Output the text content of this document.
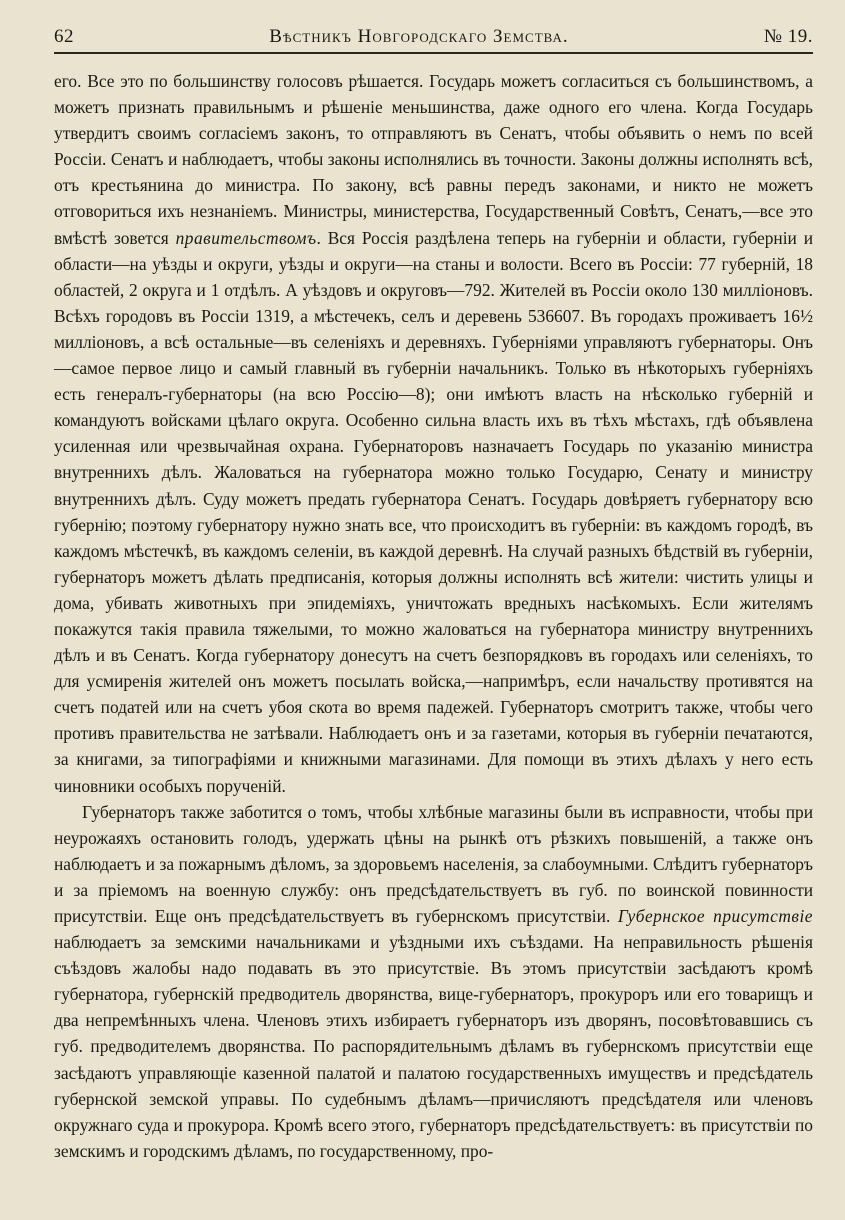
62	Вѣстникъ Новгородскаго Земства.	№ 19.

его. Все это по большинству голосовъ рѣшается. Государь можетъ согласиться съ большинствомъ, а можетъ признать правильнымъ и рѣшеніе меньшинства, даже одного его члена. Когда Государь утвердитъ своимъ согласіемъ законъ, то отправляютъ въ Сенатъ, чтобы объявить о немъ по всей Россіи. Сенатъ и наблюдаетъ, чтобы законы исполнялись въ точности. Законы должны исполнять всѣ, отъ крестьянина до министра. По закону, всѣ равны передъ законами, и никто не можетъ отговориться ихъ незнаніемъ. Министры, министерства, Государственный Совѣтъ, Сенатъ,—все это вмѣстѣ зовется правительствомъ. Вся Россія раздѣлена теперь на губерніи и области, губерніи и области—на уѣзды и округи, уѣзды и округи—на станы и волости. Всего въ Россіи: 77 губерній, 18 областей, 2 округа и 1 отдѣлъ. А уѣздовъ и округовъ—792. Жителей въ Россіи около 130 милліоновъ. Всѣхъ городовъ въ Россіи 1319, а мѣстечекъ, селъ и деревень 536607. Въ городахъ проживаетъ 16½ милліоновъ, а всѣ остальные—въ селеніяхъ и деревняхъ. Губерніями управляютъ губернаторы. Онъ—самое первое лицо и самый главный въ губерніи начальникъ. Только въ нѣкоторыхъ губерніяхъ есть генералъ-губернаторы (на всю Россію—8); они имѣютъ власть на нѣсколько губерній и командуютъ войсками цѣлаго округа. Особенно сильна власть ихъ въ тѣхъ мѣстахъ, гдѣ объявлена усиленная или чрезвычайная охрана. Губернаторовъ назначаетъ Государь по указанію министра внутреннихъ дѣлъ. Жаловаться на губернатора можно только Государю, Сенату и министру внутреннихъ дѣлъ. Суду можетъ предать губернатора Сенатъ. Государь довѣряетъ губернатору всю губернію; поэтому губернатору нужно знать все, что происходитъ въ губерніи: въ каждомъ городѣ, въ каждомъ мѣстечкѣ, въ каждомъ селеніи, въ каждой деревнѣ. На случай разныхъ бѣдствій въ губерніи, губернаторъ можетъ дѣлать предписанія, которыя должны исполнять всѣ жители: чистить улицы и дома, убивать животныхъ при эпидеміяхъ, уничтожать вредныхъ насѣкомыхъ. Если жителямъ покажутся такія правила тяжелыми, то можно жаловаться на губернатора министру внутреннихъ дѣлъ и въ Сенатъ. Когда губернатору донесутъ на счетъ безпорядковъ въ городахъ или селеніяхъ, то для усмиренія жителей онъ можетъ посылать войска,—напримѣръ, если начальству противятся на счетъ податей или на счетъ убоя скота во время падежей. Губернаторъ смотритъ также, чтобы чего противъ правительства не затѣвали. Наблюдаетъ онъ и за газетами, которыя въ губерніи печатаются, за книгами, за типографіями и книжными магазинами. Для помощи въ этихъ дѣлахъ у него есть чиновники особыхъ порученій.

Губернаторъ также заботится о томъ, чтобы хлѣбные магазины были въ исправности, чтобы при неурожаяхъ остановить голодъ, удержать цѣны на рынкѣ отъ рѣзкихъ повышеній, а также онъ наблюдаетъ и за пожарнымъ дѣломъ, за здоровьемъ населенія, за слабоумными. Слѣдитъ губернаторъ и за пріемомъ на военную службу: онъ предсѣдательствуетъ въ губ. по воинской повинности присутствіи. Еще онъ предсѣдательствуетъ въ губернскомъ присутствіи. Губернское присутствіе наблюдаетъ за земскими начальниками и уѣздными ихъ съѣздами. На неправильность рѣшенія съѣздовъ жалобы надо подавать въ это присутствіе. Въ этомъ присутствіи засѣдаютъ кромѣ губернатора, губернскій предводитель дворянства, вице-губернаторъ, прокуроръ или его товарищъ и два непремѣнныхъ члена. Членовъ этихъ избираетъ губернаторъ изъ дворянъ, посовѣтовавшись съ губ. предводителемъ дворянства. По распорядительнымъ дѣламъ въ губернскомъ присутствіи еще засѣдаютъ управляющіе казенной палатой и палатою государственныхъ имуществъ и предсѣдатель губернской земской управы. По судебнымъ дѣламъ—причисляютъ предсѣдателя или членовъ окружнаго суда и прокурора. Кромѣ всего этого, губернаторъ предсѣдательствуетъ: въ присутствіи по земскимъ и городскимъ дѣламъ, по государственному, про-
